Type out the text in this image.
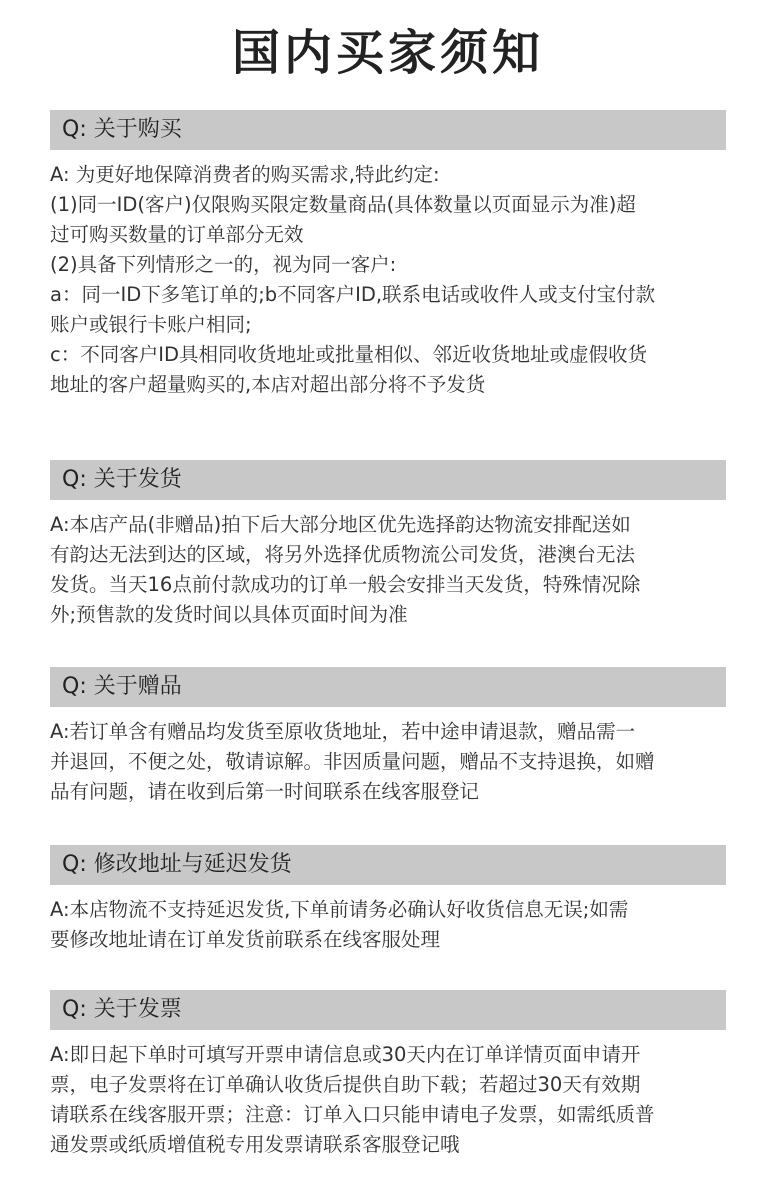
国内买家须知
Q: 关于购买
A: 为更好地保障消费者的购买需求,特此约定:
(1)同一ID(客户)仅限购买限定数量商品(具体数量以页面显示为准)超
过可购买数量的订单部分无效
(2)具备下列情形之一的，视为同一客户:
a：同一ID下多笔订单的;b不同客户ID,联系电话或收件人或支付宝付款
账户或银行卡账户相同;
c：不同客户ID具相同收货地址或批量相似、邻近收货地址或虚假收货
地址的客户超量购买的,本店对超出部分将不予发货
Q: 关于发货
A:本店产品(非赠品)拍下后大部分地区优先选择韵达物流安排配送如
有韵达无法到达的区域，将另外选择优质物流公司发货，港澳台无法
发货。当天16点前付款成功的订单一般会安排当天发货，特殊情况除
外;预售款的发货时间以具体页面时间为准
Q: 关于赠品
A:若订单含有赠品均发货至原收货地址，若中途申请退款，赠品需一
并退回，不便之处，敬请谅解。非因质量问题，赠品不支持退换，如赠
品有问题，请在收到后第一时间联系在线客服登记
Q: 修改地址与延迟发货
A:本店物流不支持延迟发货,下单前请务必确认好收货信息无误;如需
要修改地址请在订单发货前联系在线客服处理
Q: 关于发票
A:即日起下单时可填写开票申请信息或30天内在订单详情页面申请开
票，电子发票将在订单确认收货后提供自助下载；若超过30天有效期
请联系在线客服开票；注意：订单入口只能申请电子发票，如需纸质普
通发票或纸质增值税专用发票请联系客服登记哦
